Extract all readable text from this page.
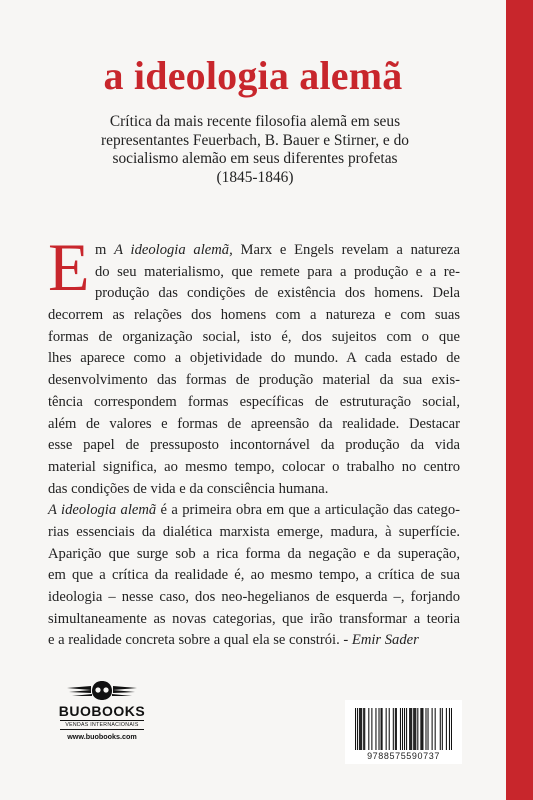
a ideologia alemã
Crítica da mais recente filosofia alemã em seus
representantes Feuerbach, B. Bauer e Stirner, e do
socialismo alemão em seus diferentes profetas
(1845-1846)
E m A ideologia alemã, Marx e Engels revelam a natureza
do seu materialismo, que remete para a produção e a re-
produção das condições de existência dos homens. Dela
decorrem as relações dos homens com a natureza e com suas
formas de organização social, isto é, dos sujeitos com o que
lhes aparece como a objetividade do mundo. A cada estado de
desenvolvimento das formas de produção material da sua exis-
tência correspondem formas específicas de estruturação social,
além de valores e formas de apreensão da realidade. Destacar
esse papel de pressuposto incontornável da produção da vida
material significa, ao mesmo tempo, colocar o trabalho no centro
das condições de vida e da consciência humana.
A ideologia alemã é a primeira obra em que a articulação das catego-
rias essenciais da dialética marxista emerge, madura, à superfície.
Aparição que surge sob a rica forma da negação e da superação,
em que a crítica da realidade é, ao mesmo tempo, a crítica de sua
ideologia – nesse caso, dos neo-hegelianos de esquerda –, forjando
simultaneamente as novas categorias, que irão transformar a teoria
e a realidade concreta sobre a qual ela se constrói. - Emir Sader
BUOBOOKS
VENDAS INTERNACIONAIS
www.buobooks.com
9788575590737
